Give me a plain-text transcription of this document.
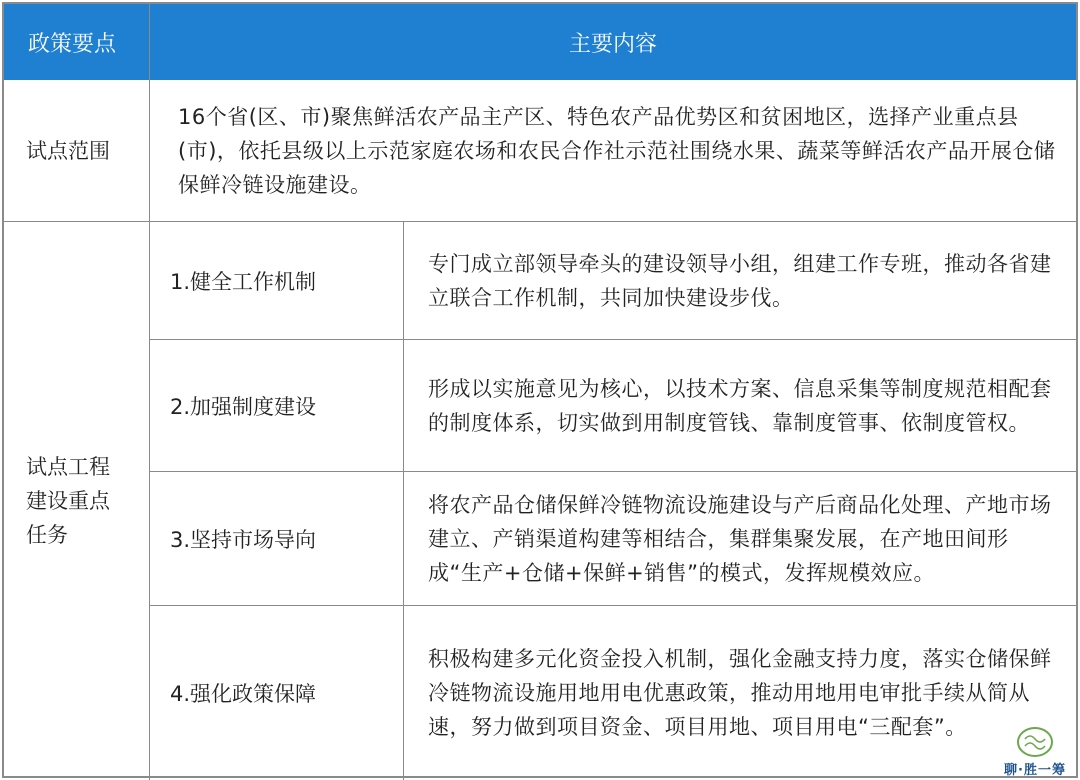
政策要点	主要内容
试点范围
16个省(区、市)聚焦鲜活农产品主产区、特色农产品优势区和贫困地区，选择产业重点县(市)，依托县级以上示范家庭农场和农民合作社示范社围绕水果、蔬菜等鲜活农产品开展仓储保鲜冷链设施建设。
试点工程建设重点任务
1.健全工作机制
专门成立部领导牵头的建设领导小组，组建工作专班，推动各省建立联合工作机制，共同加快建设步伐。
2.加强制度建设
形成以实施意见为核心，以技术方案、信息采集等制度规范相配套的制度体系，切实做到用制度管钱、靠制度管事、依制度管权。
3.坚持市场导向
将农产品仓储保鲜冷链物流设施建设与产后商品化处理、产地市场建立、产销渠道构建等相结合，集群集聚发展，在产地田间形成“生产+仓储+保鲜+销售”的模式，发挥规模效应。
4.强化政策保障
积极构建多元化资金投入机制，强化金融支持力度，落实仓储保鲜冷链物流设施用地用电优惠政策，推动用地用电审批手续从简从速，努力做到项目资金、项目用地、项目用电“三配套”。
聊·胜一筹
